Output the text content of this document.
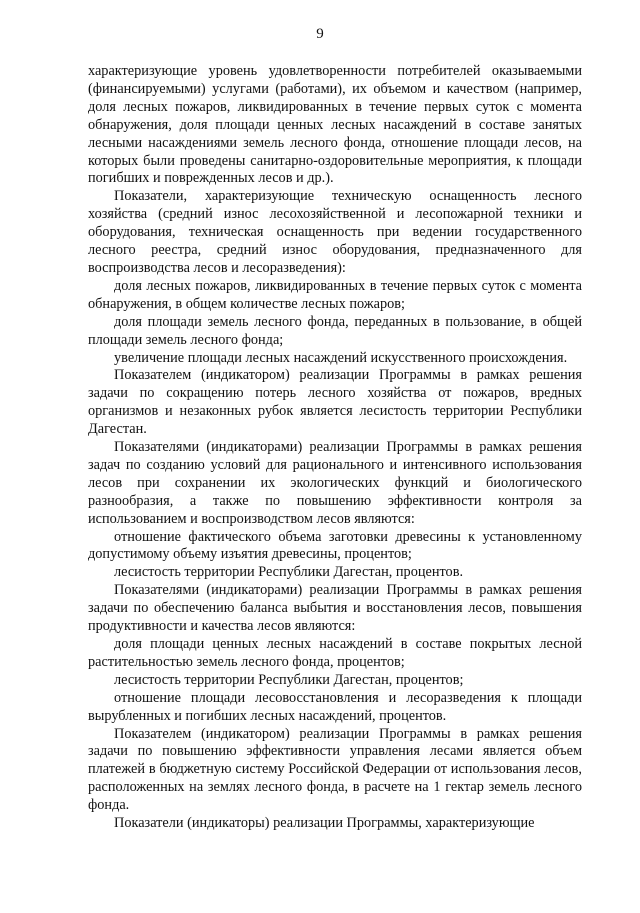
9

характеризующие уровень удовлетворенности потребителей оказываемыми (финансируемыми) услугами (работами), их объемом и качеством (например, доля лесных пожаров, ликвидированных в течение первых суток с момента обнаружения, доля площади ценных лесных насаждений в составе занятых лесными насаждениями земель лесного фонда, отношение площади лесов, на которых были проведены санитарно-оздоровительные мероприятия, к площади погибших и поврежденных лесов и др.).

Показатели, характеризующие техническую оснащенность лесного хозяйства (средний износ лесохозяйственной и лесопожарной техники и оборудования, техническая оснащенность при ведении государственного лесного реестра, средний износ оборудования, предназначенного для воспроизводства лесов и лесоразведения):

доля лесных пожаров, ликвидированных в течение первых суток с момента обнаружения, в общем количестве лесных пожаров;

доля площади земель лесного фонда, переданных в пользование, в общей площади земель лесного фонда;

увеличение площади лесных насаждений искусственного происхождения.

Показателем (индикатором) реализации Программы в рамках решения задачи по сокращению потерь лесного хозяйства от пожаров, вредных организмов и незаконных рубок является лесистость территории Республики Дагестан.

Показателями (индикаторами) реализации Программы в рамках решения задач по созданию условий для рационального и интенсивного использования лесов при сохранении их экологических функций и биологического разнообразия, а также по повышению эффективности контроля за использованием и воспроизводством лесов являются:

отношение фактического объема заготовки древесины к установленному допустимому объему изъятия древесины, процентов;

лесистость территории Республики Дагестан, процентов.

Показателями (индикаторами) реализации Программы в рамках решения задачи по обеспечению баланса выбытия и восстановления лесов, повышения продуктивности и качества лесов являются:

доля площади ценных лесных насаждений в составе покрытых лесной растительностью земель лесного фонда, процентов;

лесистость территории Республики Дагестан, процентов;

отношение площади лесовосстановления и лесоразведения к площади вырубленных и погибших лесных насаждений, процентов.

Показателем (индикатором) реализации Программы в рамках решения задачи по повышению эффективности управления лесами является объем платежей в бюджетную систему Российской Федерации от использования лесов, расположенных на землях лесного фонда, в расчете на 1 гектар земель лесного фонда.

Показатели (индикаторы) реализации Программы, характеризующие
